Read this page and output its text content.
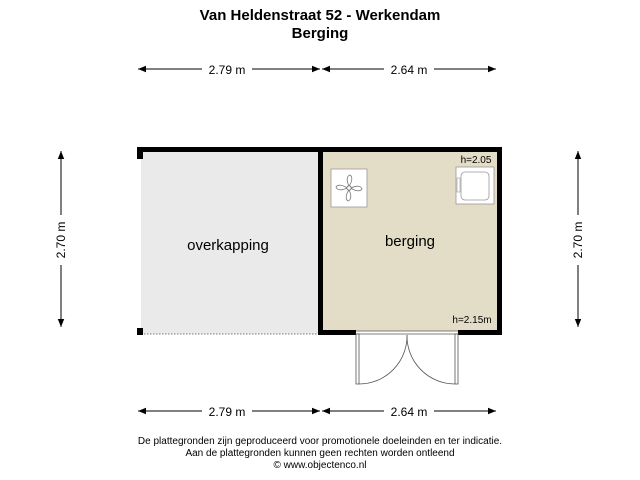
Van Heldenstraat 52 - Werkendam
Berging
2.79 m	2.64 m
2.79 m	2.64 m
2.70 m	2.70 m
overkapping
h=2.05
h=2.15m
berging
De plattegronden zijn geproduceerd voor promotionele doeleinden en ter indicatie.
Aan de plattegronden kunnen geen rechten worden ontleend
© www.objectenco.nl
